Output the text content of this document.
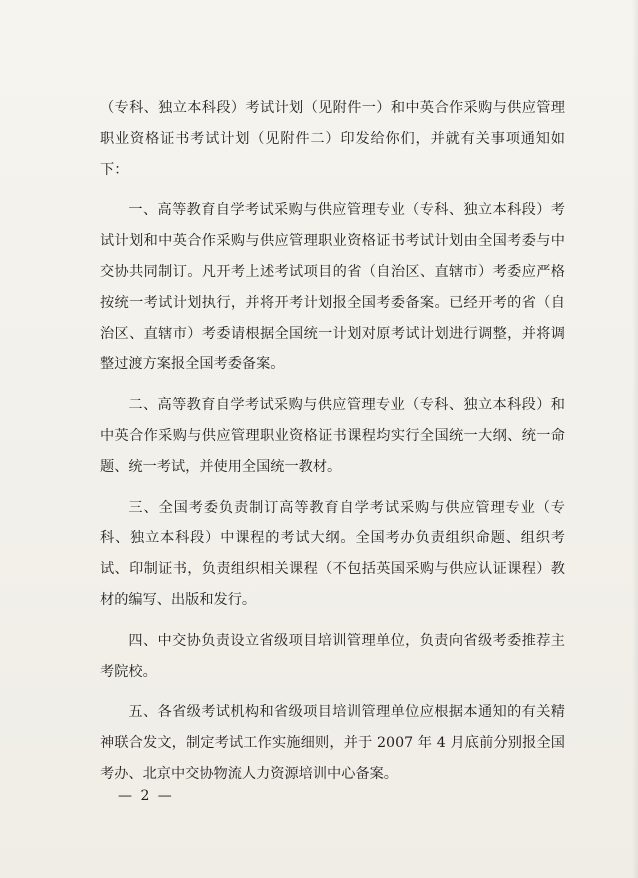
（专科、独立本科段）考试计划（见附件一）和中英合作采购与供应管理职业资格证书考试计划（见附件二）印发给你们，并就有关事项通知如下：

一、高等教育自学考试采购与供应管理专业（专科、独立本科段）考试计划和中英合作采购与供应管理职业资格证书考试计划由全国考委与中交协共同制订。凡开考上述考试项目的省（自治区、直辖市）考委应严格按统一考试计划执行，并将开考计划报全国考委备案。已经开考的省（自治区、直辖市）考委请根据全国统一计划对原考试计划进行调整，并将调整过渡方案报全国考委备案。

二、高等教育自学考试采购与供应管理专业（专科、独立本科段）和中英合作采购与供应管理职业资格证书课程均实行全国统一大纲、统一命题、统一考试，并使用全国统一教材。

三、全国考委负责制订高等教育自学考试采购与供应管理专业（专科、独立本科段）中课程的考试大纲。全国考办负责组织命题、组织考试、印制证书，负责组织相关课程（不包括英国采购与供应认证课程）教材的编写、出版和发行。

四、中交协负责设立省级项目培训管理单位，负责向省级考委推荐主考院校。

五、各省级考试机构和省级项目培训管理单位应根据本通知的有关精神联合发文，制定考试工作实施细则，并于 2007 年 4 月底前分别报全国考办、北京中交协物流人力资源培训中心备案。

— 2 —
